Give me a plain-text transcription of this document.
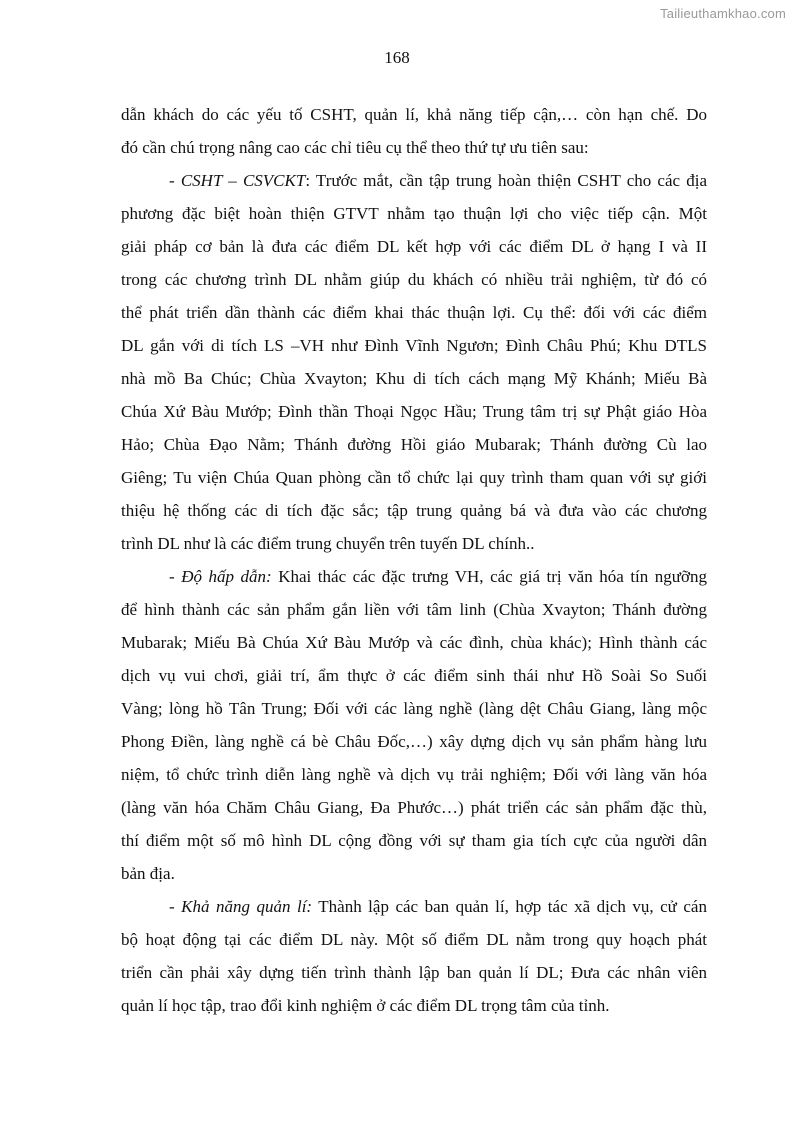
Tailieuthamkhao.com
168
dẫn khách do các yếu tố CSHT, quản lí, khả năng tiếp cận,… còn hạn chế. Do
đó cần chú trọng nâng cao các chỉ tiêu cụ thể theo thứ tự ưu tiên sau:
- CSHT – CSVCKT: Trước mắt, cần tập trung hoàn thiện CSHT cho các địa
phương đặc biệt hoàn thiện GTVT nhằm tạo thuận lợi cho việc tiếp cận. Một
giải pháp cơ bản là đưa các điểm DL kết hợp với các điểm DL ở hạng I và II
trong các chương trình DL nhằm giúp du khách có nhiều trải nghiệm, từ đó có
thể phát triển dần thành các điểm khai thác thuận lợi. Cụ thể: đối với các điểm
DL gắn với di tích LS –VH như Đình Vĩnh Ngươn; Đình Châu Phú; Khu DTLS
nhà mồ Ba Chúc; Chùa Xvayton; Khu di tích cách mạng Mỹ Khánh; Miếu Bà
Chúa Xứ Bàu Mướp; Đình thần Thoại Ngọc Hầu; Trung tâm trị sự Phật giáo Hòa
Hảo; Chùa Đạo Nằm; Thánh đường Hồi giáo Mubarak; Thánh đường Cù lao
Giêng; Tu viện Chúa Quan phòng cần tổ chức lại quy trình tham quan với sự giới
thiệu hệ thống các di tích đặc sắc; tập trung quảng bá và đưa vào các chương
trình DL như là các điểm trung chuyển trên tuyến DL chính..
- Độ hấp dẫn: Khai thác các đặc trưng VH, các giá trị văn hóa tín ngưỡng
để hình thành các sản phẩm gắn liền với tâm linh (Chùa Xvayton; Thánh đường
Mubarak; Miếu Bà Chúa Xứ Bàu Mướp và các đình, chùa khác); Hình thành các
dịch vụ vui chơi, giải trí, ẩm thực ở các điểm sinh thái như Hồ Soài So Suối
Vàng; lòng hồ Tân Trung; Đối với các làng nghề (làng dệt Châu Giang, làng mộc
Phong Điền, làng nghề cá bè Châu Đốc,…) xây dựng dịch vụ sản phẩm hàng lưu
niệm, tổ chức trình diễn làng nghề và dịch vụ trải nghiệm; Đối với làng văn hóa
(làng văn hóa Chăm Châu Giang, Đa Phước…) phát triển các sản phẩm đặc thù,
thí điểm một số mô hình DL cộng đồng với sự tham gia tích cực của người dân
bản địa.
- Khả năng quản lí: Thành lập các ban quản lí, hợp tác xã dịch vụ, cử cán
bộ hoạt động tại các điểm DL này. Một số điểm DL nằm trong quy hoạch phát
triển cần phải xây dựng tiến trình thành lập ban quản lí DL; Đưa các nhân viên
quản lí học tập, trao đổi kinh nghiệm ở các điểm DL trọng tâm của tỉnh.
